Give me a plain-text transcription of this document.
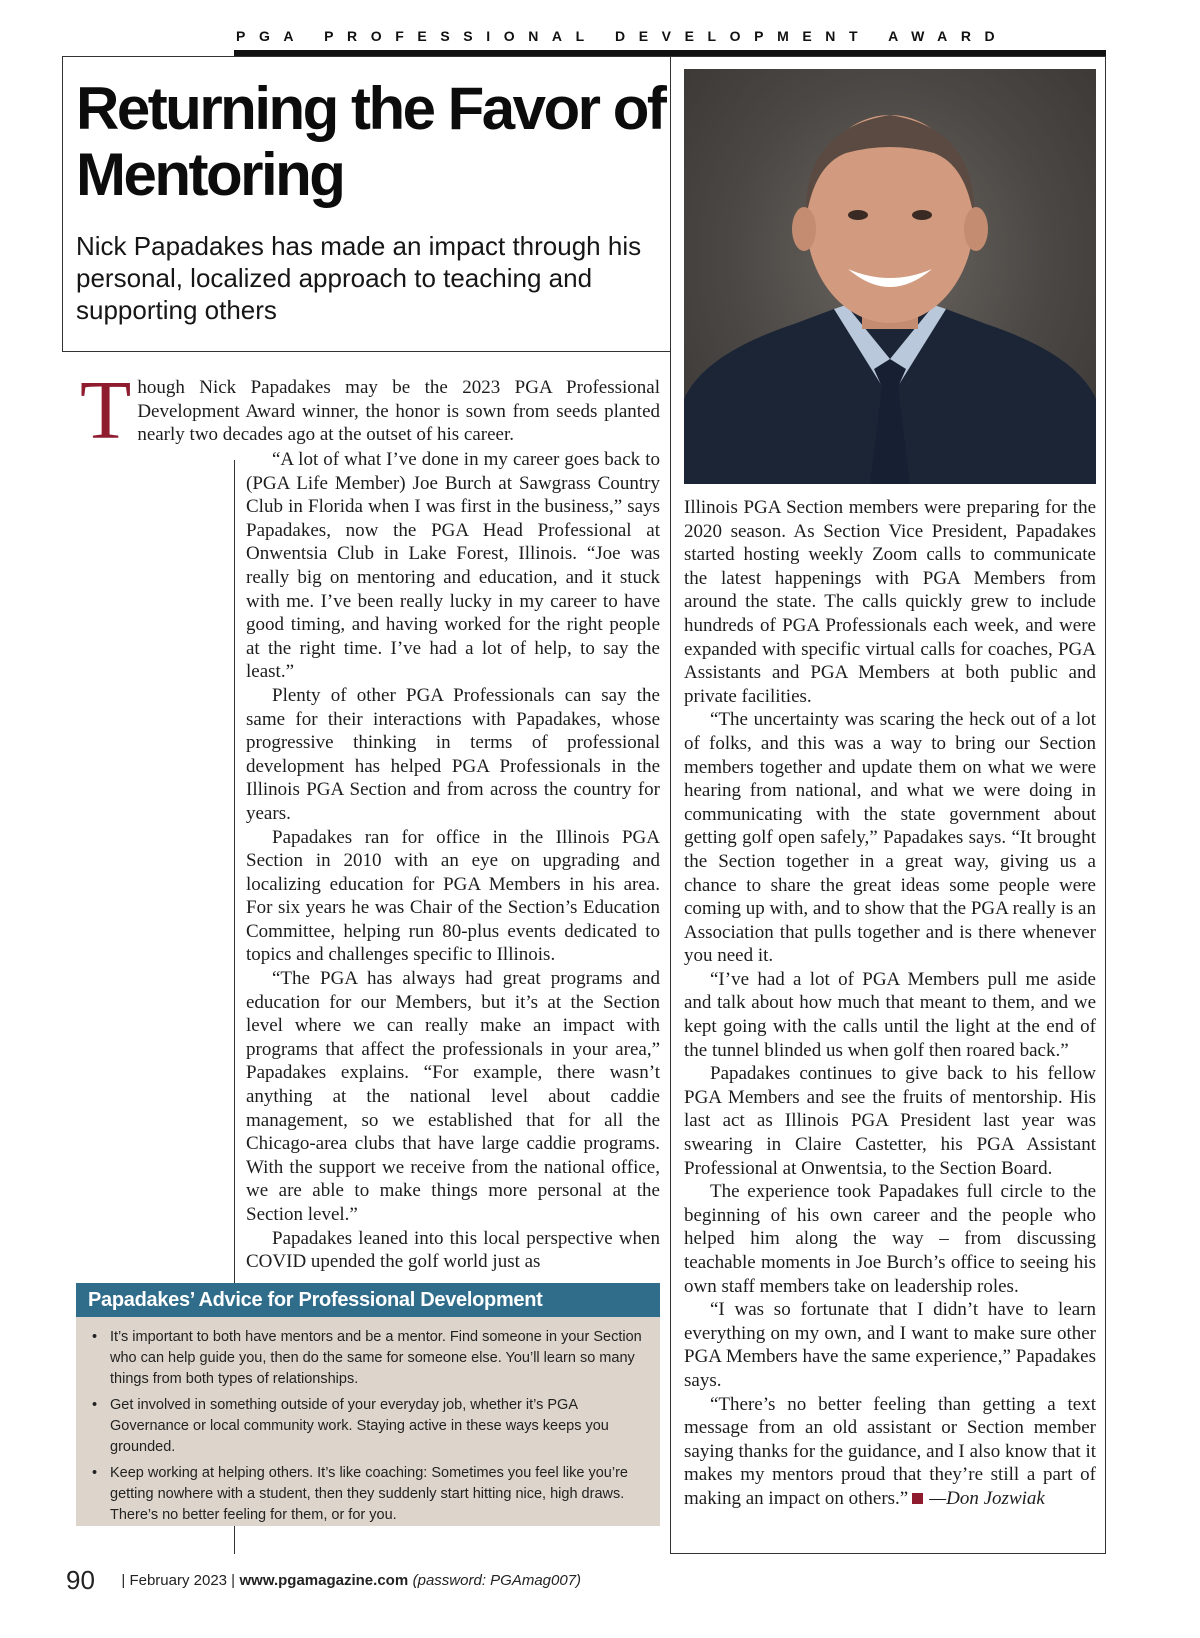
PGA PROFESSIONAL DEVELOPMENT AWARD
Returning the Favor of Mentoring
Nick Papadakes has made an impact through his personal, localized approach to teaching and supporting others
Though Nick Papadakes may be the 2023 PGA Professional Development Award winner, the honor is sown from seeds planted nearly two decades ago at the outset of his career.

“A lot of what I’ve done in my career goes back to (PGA Life Member) Joe Burch at Sawgrass Country Club in Florida when I was first in the business,” says Papadakes, now the PGA Head Professional at Onwentsia Club in Lake Forest, Illinois. “Joe was really big on mentoring and education, and it stuck with me. I’ve been really lucky in my career to have good timing, and having worked for the right people at the right time. I’ve had a lot of help, to say the least.”

Plenty of other PGA Professionals can say the same for their interactions with Papadakes, whose progressive thinking in terms of professional development has helped PGA Professionals in the Illinois PGA Section and from across the country for years.

Papadakes ran for office in the Illinois PGA Section in 2010 with an eye on upgrading and localizing education for PGA Members in his area. For six years he was Chair of the Section’s Education Committee, helping run 80-plus events dedicated to topics and challenges specific to Illinois.

“The PGA has always had great programs and education for our Members, but it’s at the Section level where we can really make an impact with programs that affect the professionals in your area,” Papadakes explains. “For example, there wasn’t anything at the national level about caddie management, so we established that for all the Chicago-area clubs that have large caddie programs. With the support we receive from the national office, we are able to make things more personal at the Section level.”

Papadakes leaned into this local perspective when COVID upended the golf world just as

Illinois PGA Section members were preparing for the 2020 season. As Section Vice President, Papadakes started hosting weekly Zoom calls to communicate the latest happenings with PGA Members from around the state. The calls quickly grew to include hundreds of PGA Professionals each week, and were expanded with specific virtual calls for coaches, PGA Assistants and PGA Members at both public and private facilities.

“The uncertainty was scaring the heck out of a lot of folks, and this was a way to bring our Section members together and update them on what we were hearing from national, and what we were doing in communicating with the state government about getting golf open safely,” Papadakes says. “It brought the Section together in a great way, giving us a chance to share the great ideas some people were coming up with, and to show that the PGA really is an Association that pulls together and is there whenever you need it.

“I’ve had a lot of PGA Members pull me aside and talk about how much that meant to them, and we kept going with the calls until the light at the end of the tunnel blinded us when golf then roared back.”

Papadakes continues to give back to his fellow PGA Members and see the fruits of mentorship. His last act as Illinois PGA President last year was swearing in Claire Castetter, his PGA Assistant Professional at Onwentsia, to the Section Board.

The experience took Papadakes full circle to the beginning of his own career and the people who helped him along the way – from discussing teachable moments in Joe Burch’s office to seeing his own staff members take on leadership roles.

“I was so fortunate that I didn’t have to learn everything on my own, and I want to make sure other PGA Members have the same experience,” Papadakes says.

“There’s no better feeling than getting a text message from an old assistant or Section member saying thanks for the guidance, and I also know that it makes my mentors proud that they’re still a part of making an impact on others.” —Don Jozwiak

Papadakes’ Advice for Professional Development
• It’s important to both have mentors and be a mentor. Find someone in your Section who can help guide you, then do the same for someone else. You’ll learn so many things from both types of relationships.
• Get involved in something outside of your everyday job, whether it’s PGA Governance or local community work. Staying active in these ways keeps you grounded.
• Keep working at helping others. It’s like coaching: Sometimes you feel like you’re getting nowhere with a student, then they suddenly start hitting nice, high draws. There’s no better feeling for them, or for you.
90 | February 2023 | www.pgamagazine.com (password: PGAmag007)
